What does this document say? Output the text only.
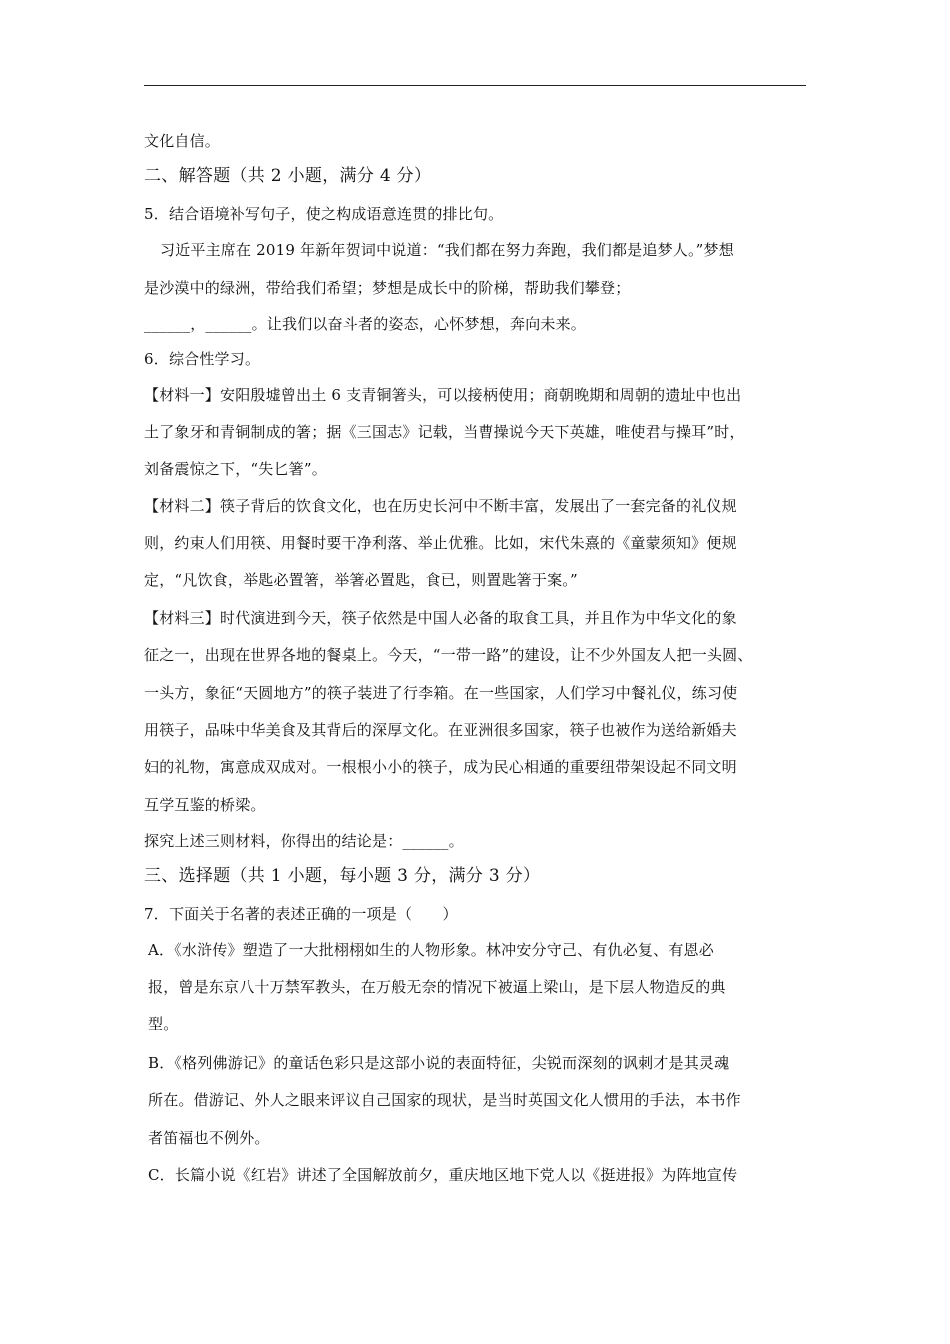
文化自信。
二、解答题（共 2 小题，满分 4 分）
5．结合语境补写句子，使之构成语意连贯的排比句。
习近平主席在 2019 年新年贺词中说道：“我们都在努力奔跑，我们都是追梦人。”梦想
是沙漠中的绿洲，带给我们希望；梦想是成长中的阶梯，帮助我们攀登；
______，______。让我们以奋斗者的姿态，心怀梦想，奔向未来。
6．综合性学习。
【材料一】安阳殷墟曾出土 6 支青铜箸头，可以接柄使用；商朝晚期和周朝的遗址中也出
土了象牙和青铜制成的箸；据《三国志》记载，当曹操说今天下英雄，唯使君与操耳”时，
刘备震惊之下，“失匕箸”。
【材料二】筷子背后的饮食文化，也在历史长河中不断丰富，发展出了一套完备的礼仪规
则，约束人们用筷、用餐时要干净利落、举止优雅。比如，宋代朱熹的《童蒙须知》便规
定，“凡饮食，举匙必置箸，举箸必置匙，食已，则置匙箸于案。”
【材料三】时代演进到今天，筷子依然是中国人必备的取食工具，并且作为中华文化的象
征之一，出现在世界各地的餐桌上。今天，“一带一路”的建设，让不少外国友人把一头圆、
一头方，象征“天圆地方”的筷子装进了行李箱。在一些国家，人们学习中餐礼仪，练习使
用筷子，品味中华美食及其背后的深厚文化。在亚洲很多国家，筷子也被作为送给新婚夫
妇的礼物，寓意成双成对。一根根小小的筷子，成为民心相通的重要纽带架设起不同文明
互学互鉴的桥梁。
探究上述三则材料，你得出的结论是：______。
三、选择题（共 1 小题，每小题 3 分，满分 3 分）
7．下面关于名著的表述正确的一项是（　　）
A．《水浒传》塑造了一大批栩栩如生的人物形象。林冲安分守己、有仇必复、有恩必
报，曾是东京八十万禁军教头，在万般无奈的情况下被逼上梁山，是下层人物造反的典
型。
B．《格列佛游记》的童话色彩只是这部小说的表面特征，尖锐而深刻的讽刺才是其灵魂
所在。借游记、外人之眼来评议自己国家的现状，是当时英国文化人惯用的手法，本书作
者笛福也不例外。
C．长篇小说《红岩》讲述了全国解放前夕，重庆地区地下党人以《挺进报》为阵地宣传
